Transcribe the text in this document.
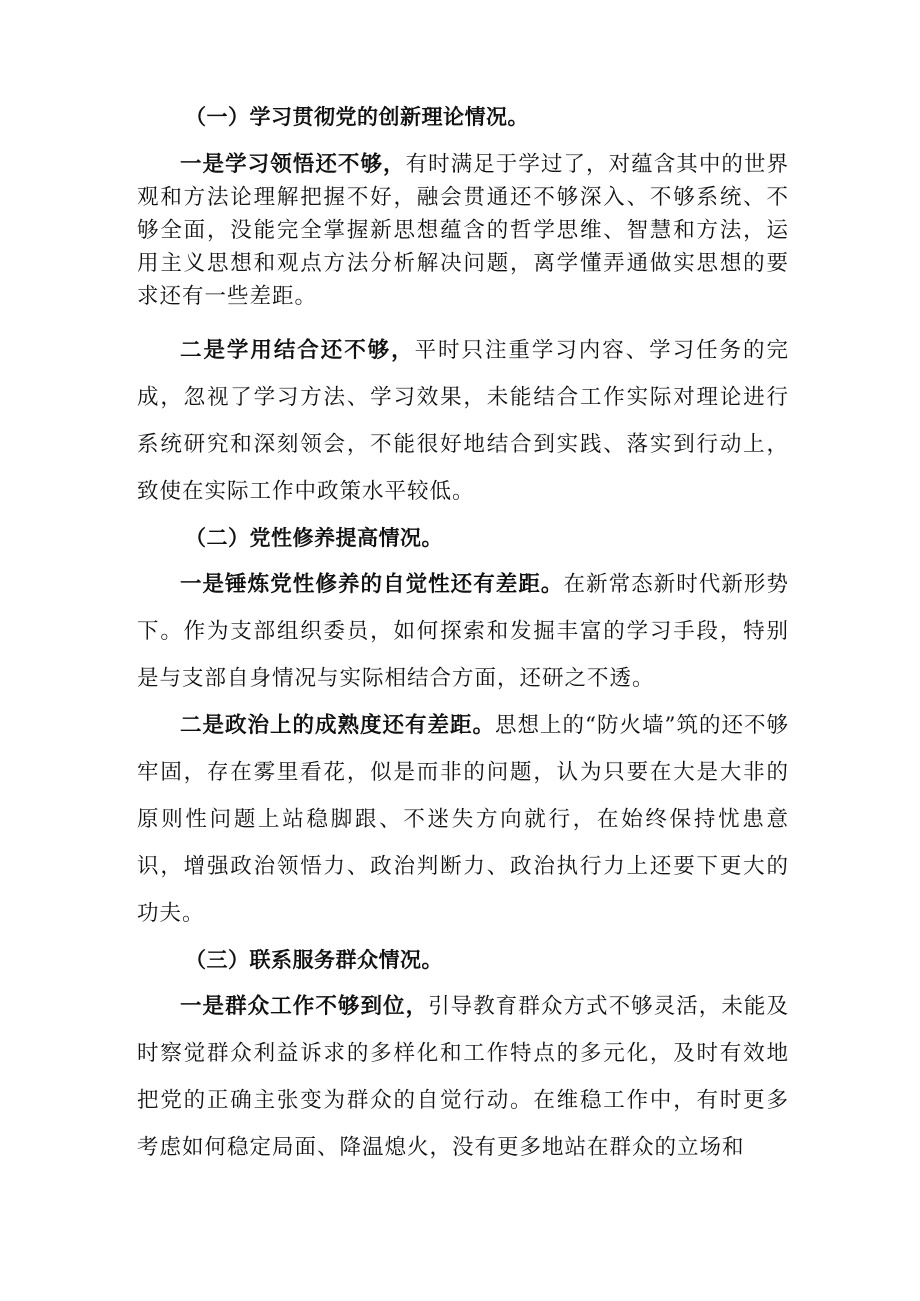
（一）学习贯彻党的创新理论情况。

一是学习领悟还不够，有时满足于学过了，对蕴含其中的世界观和方法论理解把握不好，融会贯通还不够深入、不够系统、不够全面，没能完全掌握新思想蕴含的哲学思维、智慧和方法，运用主义思想和观点方法分析解决问题，离学懂弄通做实思想的要求还有一些差距。

二是学用结合还不够，平时只注重学习内容、学习任务的完成，忽视了学习方法、学习效果，未能结合工作实际对理论进行系统研究和深刻领会，不能很好地结合到实践、落实到行动上，致使在实际工作中政策水平较低。

（二）党性修养提高情况。

一是锤炼党性修养的自觉性还有差距。在新常态新时代新形势下。作为支部组织委员，如何探索和发掘丰富的学习手段，特别是与支部自身情况与实际相结合方面，还研之不透。

二是政治上的成熟度还有差距。思想上的“防火墙”筑的还不够牢固，存在雾里看花，似是而非的问题，认为只要在大是大非的原则性问题上站稳脚跟、不迷失方向就行，在始终保持忧患意识，增强政治领悟力、政治判断力、政治执行力上还要下更大的功夫。

（三）联系服务群众情况。

一是群众工作不够到位，引导教育群众方式不够灵活，未能及时察觉群众利益诉求的多样化和工作特点的多元化，及时有效地把党的正确主张变为群众的自觉行动。在维稳工作中，有时更多考虑如何稳定局面、降温熄火，没有更多地站在群众的立场和
